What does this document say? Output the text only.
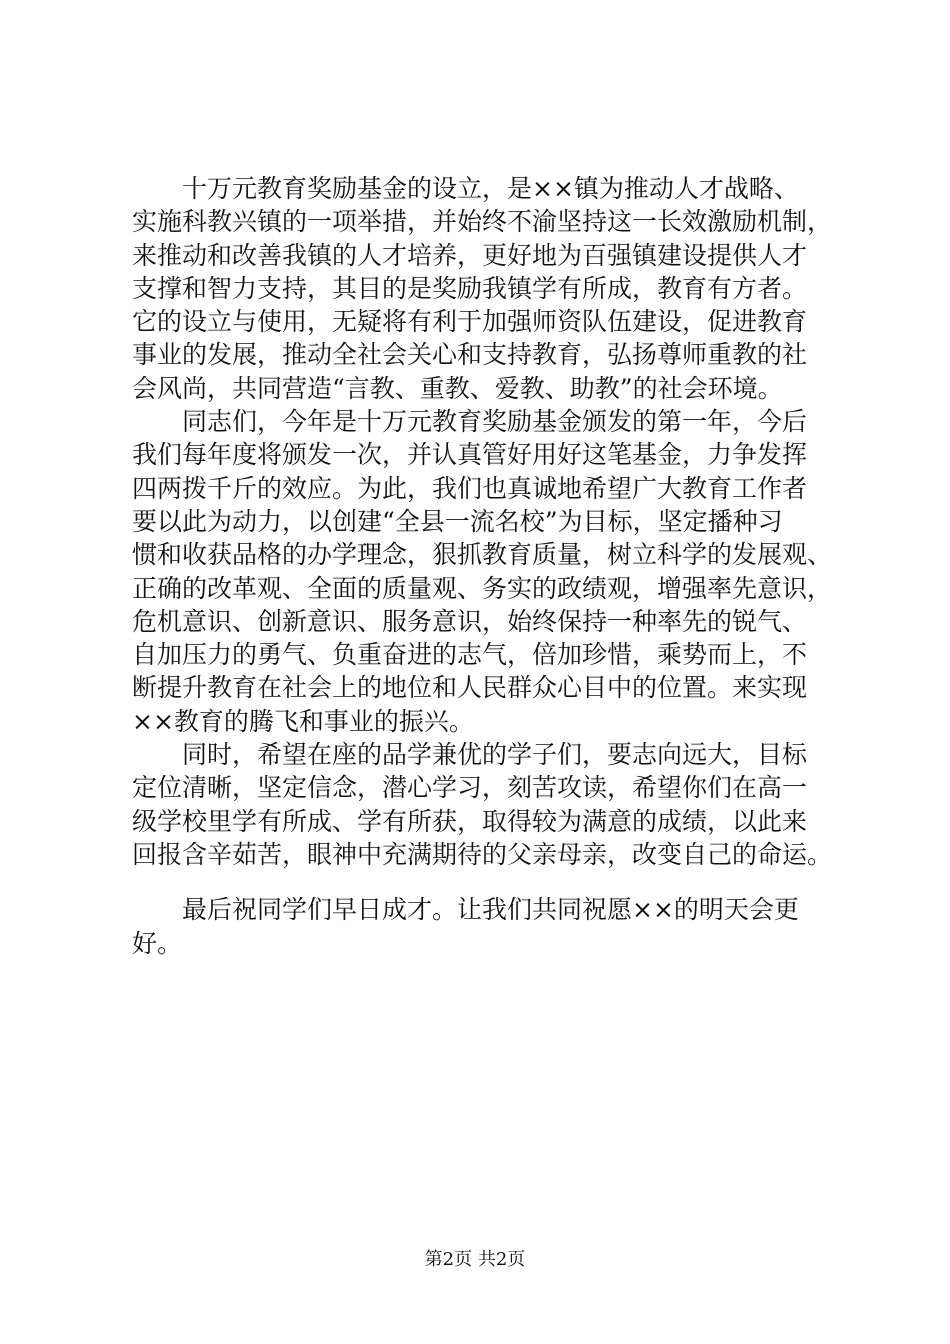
　　十万元教育奖励基金的设立，是××镇为推动人才战略、
实施科教兴镇的一项举措，并始终不渝坚持这一长效激励机制，
来推动和改善我镇的人才培养，更好地为百强镇建设提供人才
支撑和智力支持，其目的是奖励我镇学有所成，教育有方者。
它的设立与使用，无疑将有利于加强师资队伍建设，促进教育
事业的发展，推动全社会关心和支持教育，弘扬尊师重教的社
会风尚，共同营造“言教、重教、爱教、助教”的社会环境。
　　同志们，今年是十万元教育奖励基金颁发的第一年，今后
我们每年度将颁发一次，并认真管好用好这笔基金，力争发挥
四两拨千斤的效应。为此，我们也真诚地希望广大教育工作者
要以此为动力，以创建“全县一流名校”为目标，坚定播种习
惯和收获品格的办学理念，狠抓教育质量，树立科学的发展观、
正确的改革观、全面的质量观、务实的政绩观，增强率先意识，
危机意识、创新意识、服务意识，始终保持一种率先的锐气、
自加压力的勇气、负重奋进的志气，倍加珍惜，乘势而上，不
断提升教育在社会上的地位和人民群众心目中的位置。来实现
××教育的腾飞和事业的振兴。
　　同时，希望在座的品学兼优的学子们，要志向远大，目标
定位清晰，坚定信念，潜心学习，刻苦攻读，希望你们在高一
级学校里学有所成、学有所获，取得较为满意的成绩，以此来
回报含辛茹苦，眼神中充满期待的父亲母亲，改变自己的命运。
　　最后祝同学们早日成才。让我们共同祝愿××的明天会更
好。
第2页 共2页
